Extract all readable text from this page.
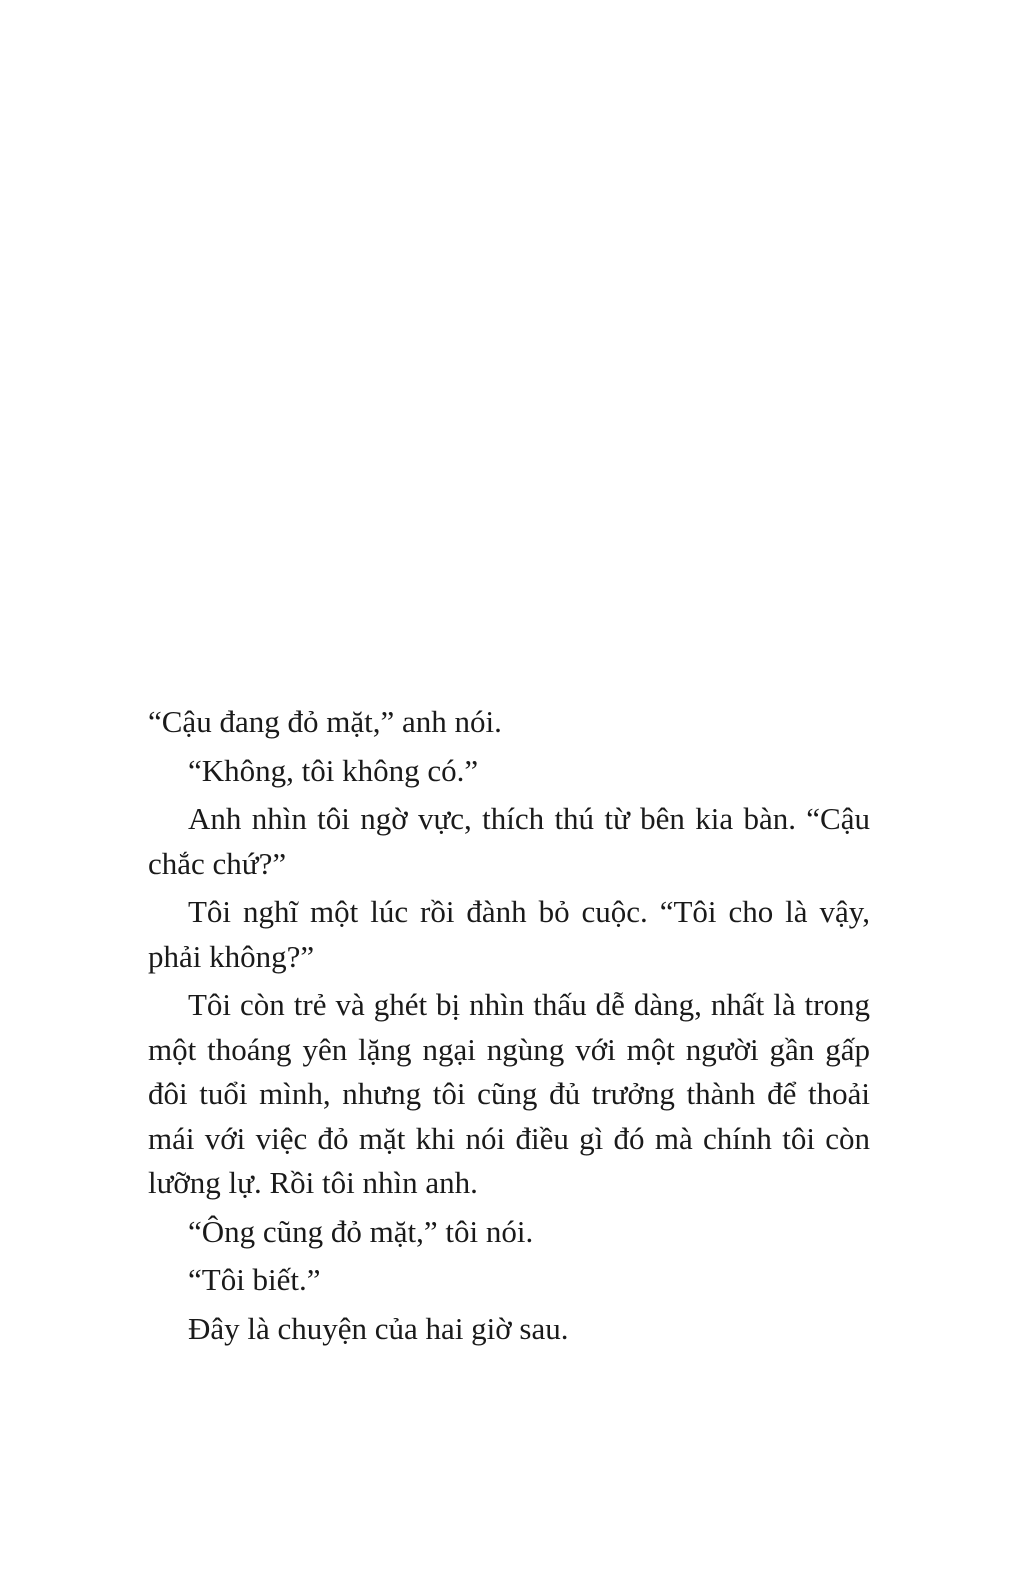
“Cậu đang đỏ mặt,” anh nói.

“Không, tôi không có.”

Anh nhìn tôi ngờ vực, thích thú từ bên kia bàn. “Cậu chắc chứ?”

Tôi nghĩ một lúc rồi đành bỏ cuộc. “Tôi cho là vậy, phải không?”

Tôi còn trẻ và ghét bị nhìn thấu dễ dàng, nhất là trong một thoáng yên lặng ngại ngùng với một người gần gấp đôi tuổi mình, nhưng tôi cũng đủ trưởng thành để thoải mái với việc đỏ mặt khi nói điều gì đó mà chính tôi còn lưỡng lự. Rồi tôi nhìn anh.

“Ông cũng đỏ mặt,” tôi nói.

“Tôi biết.”

Đây là chuyện của hai giờ sau.
